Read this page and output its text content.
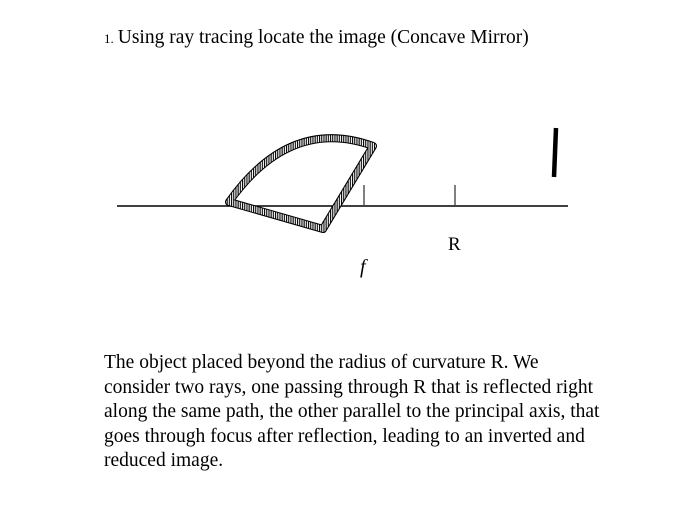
1. Using ray tracing locate the image (Concave Mirror)
R
f
The object placed beyond the radius of curvature R. We consider two rays, one passing through R that is reflected right along the same path, the other parallel to the principal axis, that goes through focus after reflection, leading to an inverted and reduced image.
